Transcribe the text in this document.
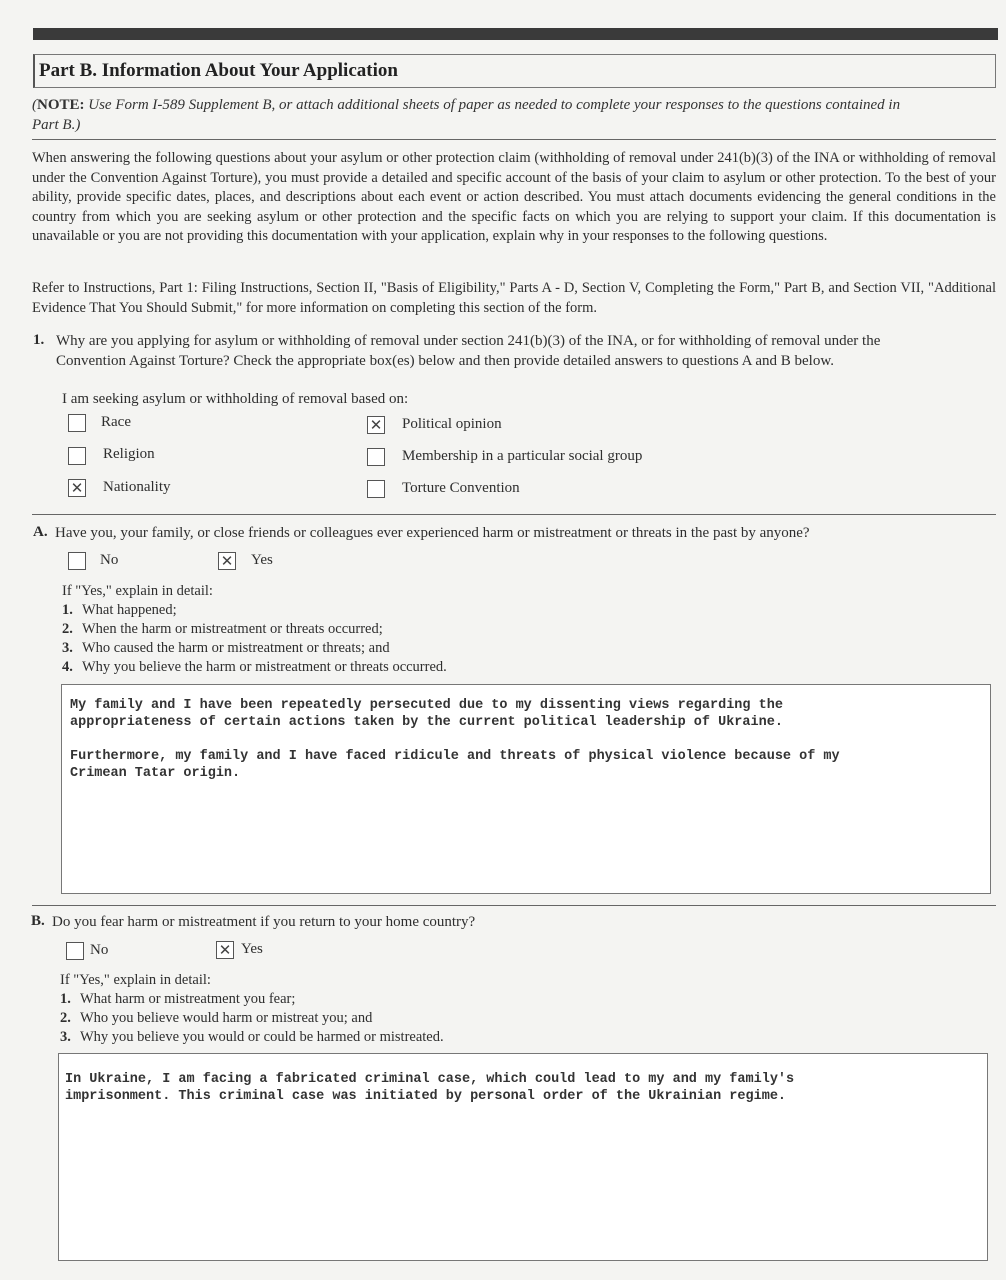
Part B. Information About Your Application
(NOTE: Use Form I-589 Supplement B, or attach additional sheets of paper as needed to complete your responses to the questions contained in
Part B.)
When answering the following questions about your asylum or other protection claim (withholding of removal under 241(b)(3) of the INA or withholding of removal under the Convention Against Torture), you must provide a detailed and specific account of the basis of your claim to asylum or other protection. To the best of your ability, provide specific dates, places, and descriptions about each event or action described. You must attach documents evidencing the general conditions in the country from which you are seeking asylum or other protection and the specific facts on which you are relying to support your claim. If this documentation is unavailable or you are not providing this documentation with your application, explain why in your responses to the following questions.
Refer to Instructions, Part 1: Filing Instructions, Section II, "Basis of Eligibility," Parts A - D, Section V, Completing the Form," Part B, and Section VII, "Additional Evidence That You Should Submit," for more information on completing this section of the form.
1. Why are you applying for asylum or withholding of removal under section 241(b)(3) of the INA, or for withholding of removal under the
Convention Against Torture? Check the appropriate box(es) below and then provide detailed answers to questions A and B below.
I am seeking asylum or withholding of removal based on:
Race
Religion
✕ Nationality
✕ Political opinion
Membership in a particular social group
Torture Convention
A. Have you, your family, or close friends or colleagues ever experienced harm or mistreatment or threats in the past by anyone?
No	✕ Yes
If "Yes," explain in detail:
1. What happened;
2. When the harm or mistreatment or threats occurred;
3. Who caused the harm or mistreatment or threats; and
4. Why you believe the harm or mistreatment or threats occurred.
My family and I have been repeatedly persecuted due to my dissenting views regarding the
appropriateness of certain actions taken by the current political leadership of Ukraine.

Furthermore, my family and I have faced ridicule and threats of physical violence because of my
Crimean Tatar origin.
B. Do you fear harm or mistreatment if you return to your home country?
No	✕ Yes
If "Yes," explain in detail:
1. What harm or mistreatment you fear;
2. Who you believe would harm or mistreat you; and
3. Why you believe you would or could be harmed or mistreated.
In Ukraine, I am facing a fabricated criminal case, which could lead to my and my family's
imprisonment. This criminal case was initiated by personal order of the Ukrainian regime.
